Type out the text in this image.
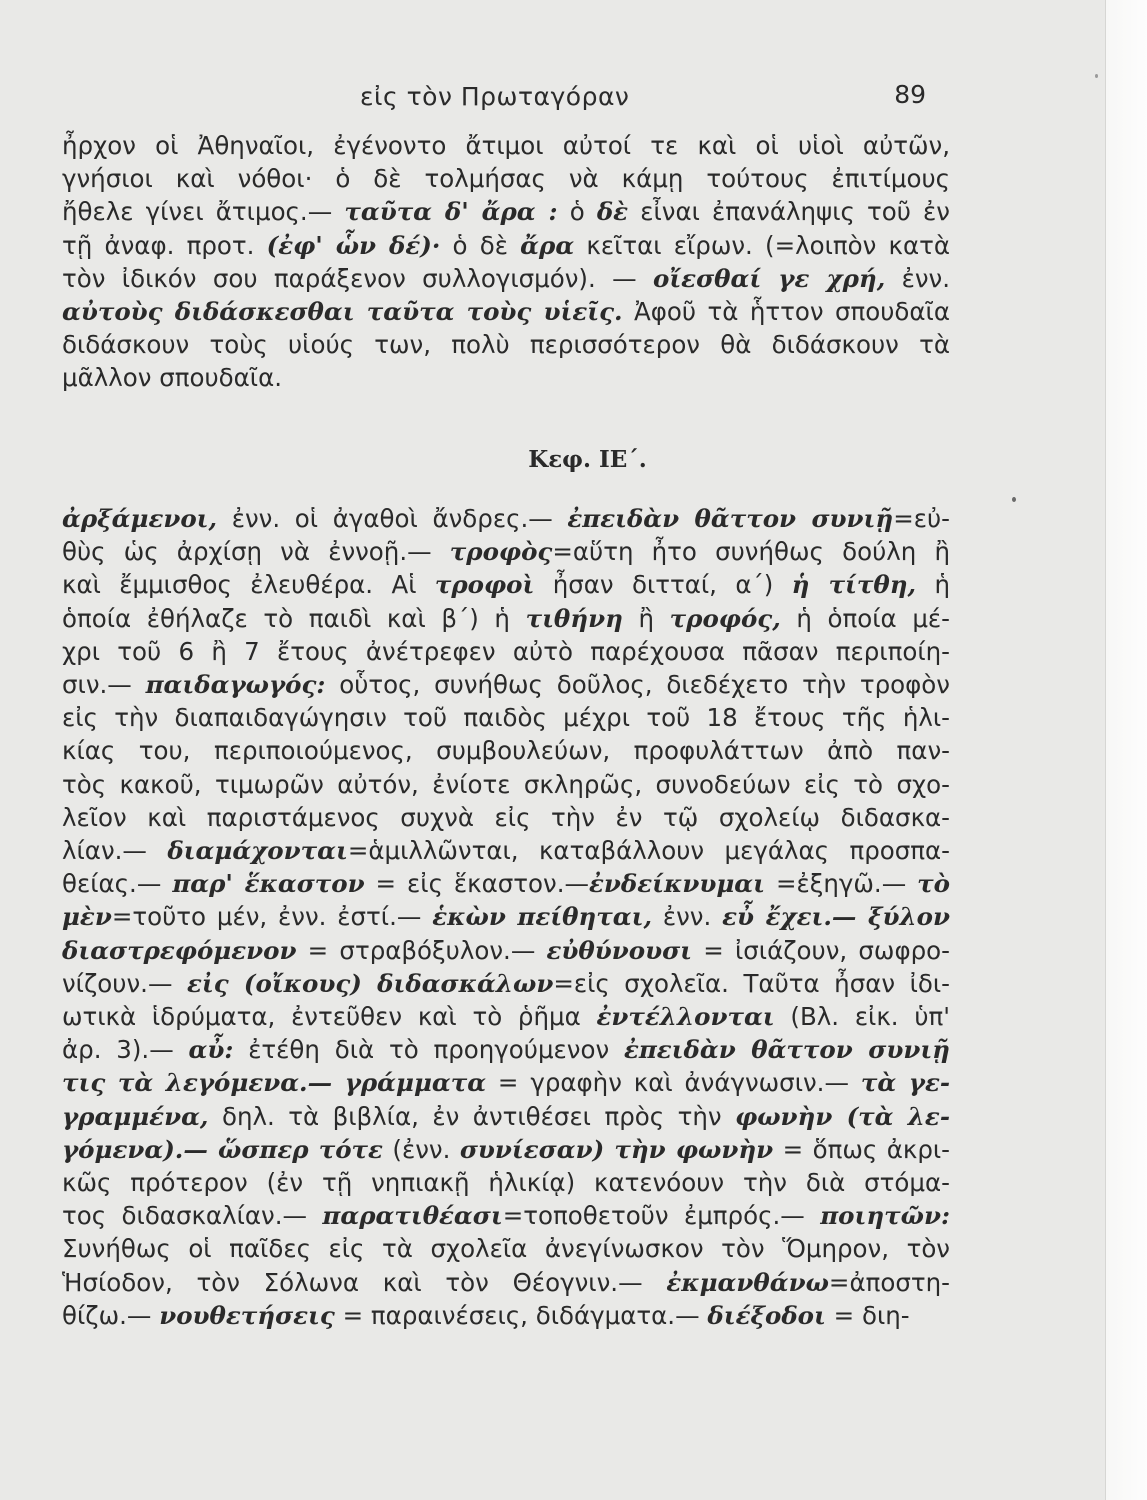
εἰς τὸν Πρωταγόραν	89
ἦρχον οἱ Ἀθηναῖοι, ἐγένοντο ἄτιμοι αὐτοί τε καὶ οἱ υἱοὶ αὐτῶν,
γνήσιοι καὶ νόθοι· ὁ δὲ τολμήσας νὰ κάμῃ τούτους ἐπιτίμους
ἤθελε γίνει ἄτιμος.— ταῦτα δ' ἄρα : ὁ δὲ εἶναι ἐπανάληψις τοῦ ἐν
τῇ ἀναφ. προτ. (ἐφ' ὧν δέ)· ὁ δὲ ἄρα κεῖται εἴρων. (=λοιπὸν κατὰ
τὸν ἰδικόν σου παράξενον συλλογισμόν). — οἴεσθαί γε χρή, ἐνν.
αὐτοὺς διδάσκεσθαι ταῦτα τοὺς υἱεῖς. Ἀφοῦ τὰ ἧττον σπουδαῖα
διδάσκουν τοὺς υἱούς των, πολὺ περισσότερον θὰ διδάσκουν τὰ
μᾶλλον σπουδαῖα.
Κεφ. ΙΕ΄.
ἀρξάμενοι, ἐνν. οἱ ἀγαθοὶ ἄνδρες.— ἐπειδὰν θᾶττον συνιῇ=εὐ-
θὺς ὡς ἀρχίσῃ νὰ ἐννοῇ.— τροφὸς=αὕτη ἦτο συνήθως δούλη ἢ
καὶ ἔμμισθος ἐλευθέρα. Αἱ τροφοὶ ἦσαν διτταί, α΄) ἡ τίτθη, ἡ
ὁποία ἐθήλαζε τὸ παιδὶ καὶ β΄) ἡ τιθήνη ἢ τροφός, ἡ ὁποία μέ-
χρι τοῦ 6 ἢ 7 ἔτους ἀνέτρεφεν αὐτὸ παρέχουσα πᾶσαν περιποίη-
σιν.— παιδαγωγός: οὗτος, συνήθως δοῦλος, διεδέχετο τὴν τροφὸν
εἰς τὴν διαπαιδαγώγησιν τοῦ παιδὸς μέχρι τοῦ 18 ἔτους τῆς ἡλι-
κίας του, περιποιούμενος, συμβουλεύων, προφυλάττων ἀπὸ παν-
τὸς κακοῦ, τιμωρῶν αὐτόν, ἐνίοτε σκληρῶς, συνοδεύων εἰς τὸ σχο-
λεῖον καὶ παριστάμενος συχνὰ εἰς τὴν ἐν τῷ σχολείῳ διδασκα-
λίαν.— διαμάχονται=ἁμιλλῶνται, καταβάλλουν μεγάλας προσπα-
θείας.— παρ' ἕκαστον = εἰς ἕκαστον.—ἐνδείκνυμαι =ἐξηγῶ.— τὸ
μὲν=τοῦτο μέν, ἐνν. ἐστί.— ἑκὼν πείθηται, ἐνν. εὖ ἔχει.— ξύλον
διαστρεφόμενον = στραβόξυλον.— εὐθύνουσι = ἰσιάζουν, σωφρο-
νίζουν.— εἰς (οἴκους) διδασκάλων=εἰς σχολεῖα. Ταῦτα ἦσαν ἰδι-
ωτικὰ ἱδρύματα, ἐντεῦθεν καὶ τὸ ῥῆμα ἐντέλλονται (Βλ. εἰκ. ὑπ'
ἀρ. 3).— αὖ: ἐτέθη διὰ τὸ προηγούμενον ἐπειδὰν θᾶττον συνιῇ
τις τὰ λεγόμενα.— γράμματα = γραφὴν καὶ ἀνάγνωσιν.— τὰ γε-
γραμμένα, δηλ. τὰ βιβλία, ἐν ἀντιθέσει πρὸς τὴν φωνὴν (τὰ λε-
γόμενα).— ὥσπερ τότε (ἐνν. συνίεσαν) τὴν φωνὴν = ὅπως ἀκρι-
κῶς πρότερον (ἐν τῇ νηπιακῇ ἡλικίᾳ) κατενόουν τὴν διὰ στόμα-
τος διδασκαλίαν.— παρατιθέασι=τοποθετοῦν ἐμπρός.— ποιητῶν:
Συνήθως οἱ παῖδες εἰς τὰ σχολεῖα ἀνεγίνωσκον τὸν Ὅμηρον, τὸν
Ἡσίοδον, τὸν Σόλωνα καὶ τὸν Θέογνιν.— ἐκμανθάνω=ἀποστη-
θίζω.— νουθετήσεις = παραινέσεις, διδάγματα.— διέξοδοι = διη-
